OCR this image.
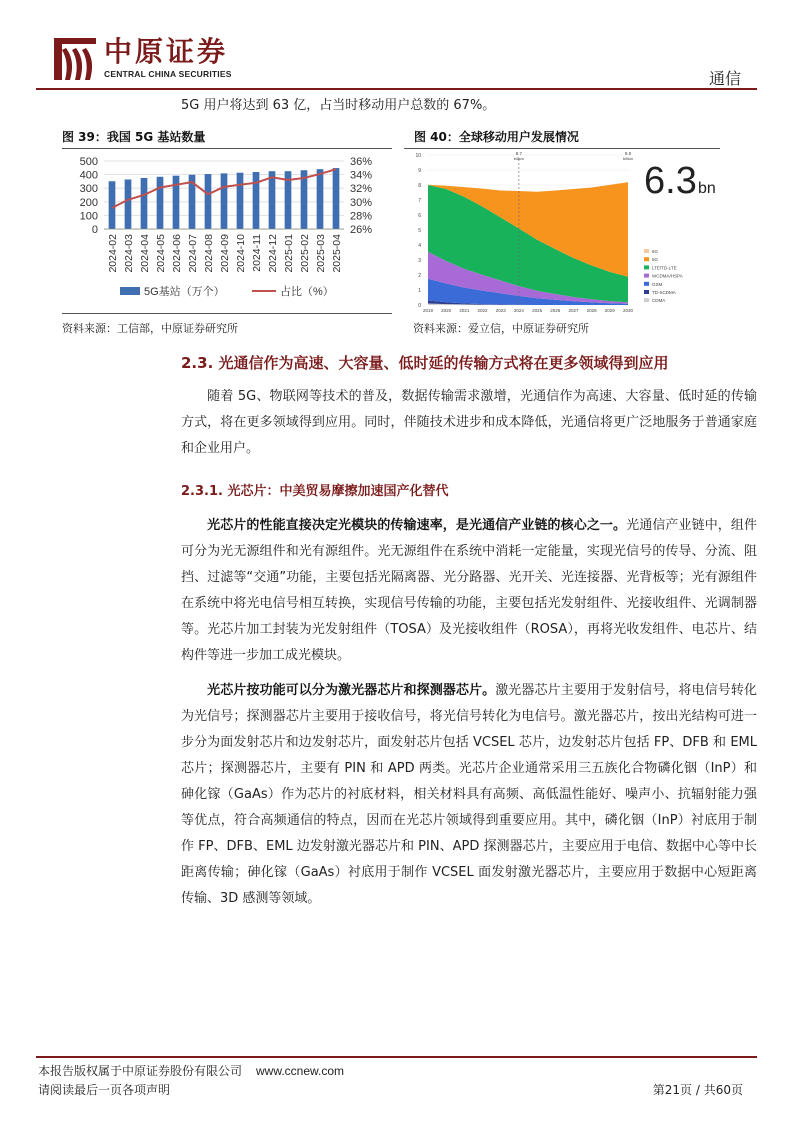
中原证券
CENTRAL CHINA SECURITIES	通信
5G 用户将达到 63 亿，占当时移动用户总数的 67%。
图 39：我国 5G 基站数量	图 40：全球移动用户发展情况
0
100
200
300
400
500
26%
28%
30%
32%
34%
36%
2024-02 2024-03 2024-04 2024-05 2024-06 2024-07 2024-08 2024-09 2024-10 2024-11 2024-12 2025-01 2025-02 2025-03 2025-04
5G基站（万个）	占比（%）
0
1
2
3
4
5
6
7
8
9
10
2019 2020 2021 2022 2023 2024 2025 2026 2027 2028 2029 2030
8.7
billion
9.5
billion
6.3 bn
6G
5G
LTE/TD-LTE
WCDMA/HSPA
GSM
TD-SCDMA
CDMA
资料来源：工信部，中原证券研究所	资料来源：爱立信，中原证券研究所
2.3. 光通信作为高速、大容量、低时延的传输方式将在更多领域得到应用
随着 5G、物联网等技术的普及，数据传输需求激增，光通信作为高速、大容量、低时延的传输方式，将在更多领域得到应用。同时，伴随技术进步和成本降低，光通信将更广泛地服务于普通家庭和企业用户。
2.3.1. 光芯片：中美贸易摩擦加速国产化替代
光芯片的性能直接决定光模块的传输速率，是光通信产业链的核心之一。光通信产业链中，组件可分为光无源组件和光有源组件。光无源组件在系统中消耗一定能量，实现光信号的传导、分流、阻挡、过滤等“交通”功能，主要包括光隔离器、光分路器、光开关、光连接器、光背板等；光有源组件在系统中将光电信号相互转换，实现信号传输的功能，主要包括光发射组件、光接收组件、光调制器等。光芯片加工封装为光发射组件（TOSA）及光接收组件（ROSA），再将光收发组件、电芯片、结构件等进一步加工成光模块。
光芯片按功能可以分为激光器芯片和探测器芯片。激光器芯片主要用于发射信号，将电信号转化为光信号；探测器芯片主要用于接收信号，将光信号转化为电信号。激光器芯片，按出光结构可进一步分为面发射芯片和边发射芯片，面发射芯片包括 VCSEL 芯片，边发射芯片包括 FP、DFB 和 EML 芯片；探测器芯片，主要有 PIN 和 APD 两类。光芯片企业通常采用三五族化合物磷化铟（InP）和砷化镓（GaAs）作为芯片的衬底材料，相关材料具有高频、高低温性能好、噪声小、抗辐射能力强等优点，符合高频通信的特点，因而在光芯片领域得到重要应用。其中，磷化铟（InP）衬底用于制作 FP、DFB、EML 边发射激光器芯片和 PIN、APD 探测器芯片，主要应用于电信、数据中心等中长距离传输；砷化镓（GaAs）衬底用于制作 VCSEL 面发射激光器芯片，主要应用于数据中心短距离传输、3D 感测等领域。
本报告版权属于中原证券股份有限公司 www.ccnew.com
请阅读最后一页各项声明	第21页 / 共60页
